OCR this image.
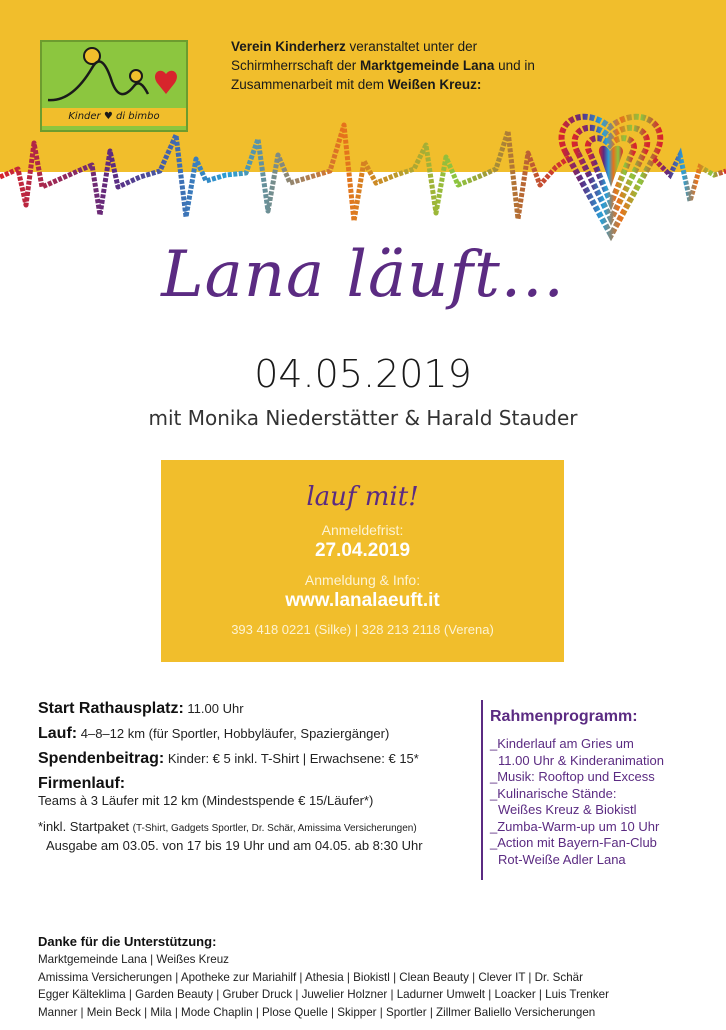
Kinder ♥ di bimbo
Verein Kinderherz veranstaltet unter der Schirmherrschaft der Marktgemeinde Lana und in Zusammenarbeit mit dem Weißen Kreuz:
Lana läuft...
04.05.2019
mit Monika Niederstätter & Harald Stauder
lauf mit!
Anmeldefrist:
27.04.2019
Anmeldung & Info:
www.lanalaeuft.it
393 418 0221 (Silke) | 328 213 2118 (Verena)
Start Rathausplatz: 11.00 Uhr
Lauf: 4–8–12 km (für Sportler, Hobbyläufer, Spaziergänger)
Spendenbeitrag: Kinder: € 5 inkl. T-Shirt | Erwachsene: € 15*
Firmenlauf:
Teams à 3 Läufer mit 12 km (Mindestspende € 15/Läufer*)
*inkl. Startpaket (T-Shirt, Gadgets Sportler, Dr. Schär, Amissima Versicherungen)
Ausgabe am 03.05. von 17 bis 19 Uhr und am 04.05. ab 8:30 Uhr
Rahmenprogramm:
_Kinderlauf am Gries um
11.00 Uhr & Kinderanimation
_Musik: Rooftop und Excess
_Kulinarische Stände:
Weißes Kreuz & Biokistl
_Zumba-Warm-up um 10 Uhr
_Action mit Bayern-Fan-Club
Rot-Weiße Adler Lana
Danke für die Unterstützung:
Marktgemeinde Lana | Weißes Kreuz
Amissima Versicherungen | Apotheke zur Mariahilf | Athesia | Biokistl | Clean Beauty | Clever IT | Dr. Schär
Egger Kälteklima | Garden Beauty | Gruber Druck | Juwelier Holzner | Ladurner Umwelt | Loacker | Luis Trenker
Manner | Mein Beck | Mila | Mode Chaplin | Plose Quelle | Skipper | Sportler | Zillmer Baliello Versicherungen
